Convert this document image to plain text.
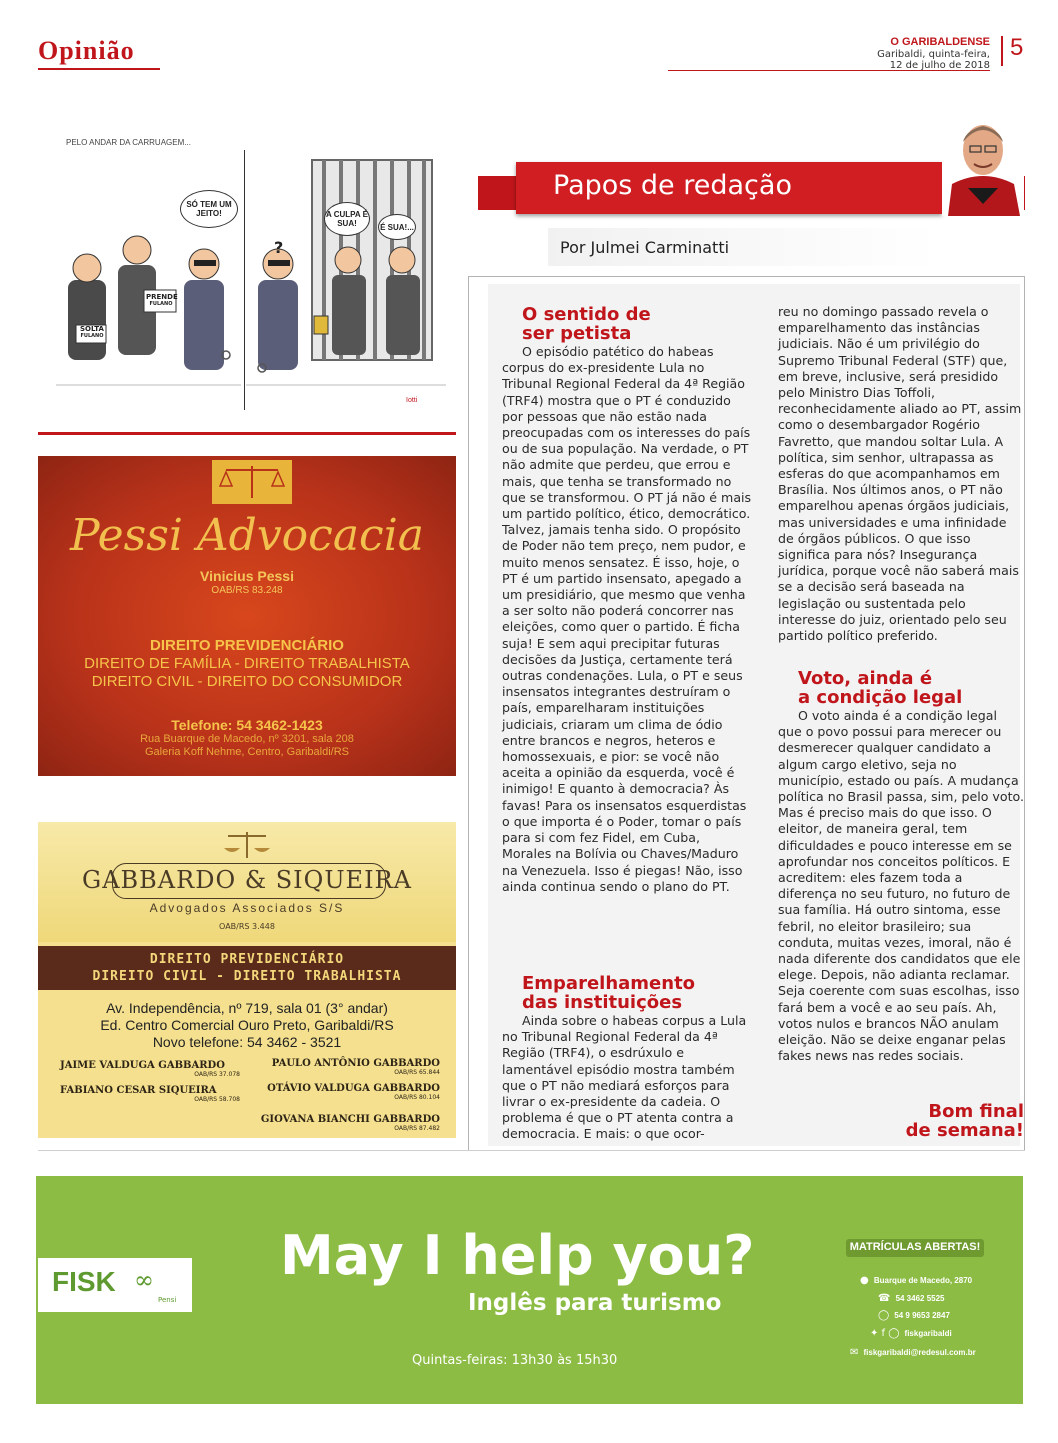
Opinião	O GARIBALDENSE
Garibaldi, quinta-feira,
12 de julho de 2018
5
Iotti
PELO ANDAR DA CARRUAGEM...
SÓ TEM UM JEITO!
?
A CULPA É SUA!	É SUA!...
SOLTA
FULANO
PRENDE
FULANO
Pessi Advocacia
Vinicius Pessi
OAB/RS 83.248
DIREITO PREVIDENCIÁRIO
DIREITO DE FAMÍLIA - DIREITO TRABALHISTA
DIREITO CIVIL - DIREITO DO CONSUMIDOR
Telefone: 54 3462-1423
Rua Buarque de Macedo, nº 3201, sala 208
Galeria Koff Nehme, Centro, Garibaldi/RS
GABBARDO & SIQUEIRA
Advogados Associados S/S
OAB/RS 3.448
DIREITO PREVIDENCIÁRIO
DIREITO CIVIL - DIREITO TRABALHISTA
Av. Independência, nº 719, sala 01 (3° andar)
Ed. Centro Comercial Ouro Preto, Garibaldi/RS
Novo telefone: 54 3462 - 3521
JAIME VALDUGA GABBARDO
OAB/RS 37.078
PAULO ANTÔNIO GABBARDO
OAB/RS 65.844
FABIANO CESAR SIQUEIRA
OAB/RS 58.708
OTÁVIO VALDUGA GABBARDO
OAB/RS 80.104
GIOVANA BIANCHI GABBARDO
OAB/RS 87.482
Papos de redação
Por Julmei Carminatti
O sentido de
ser petista
O episódio patético do habeas corpus do ex-presidente Lula no Tribunal Regional Federal da 4ª Região (TRF4) mostra que o PT é conduzido por pessoas que não estão nada preocupadas com os interesses do país ou de sua população. Na verdade, o PT não admite que perdeu, que errou e mais, que tenha se transformado no que se transformou. O PT já não é mais um partido político, ético, democrático. Talvez, jamais tenha sido. O propósito de Poder não tem preço, nem pudor, e muito menos sensatez. É isso, hoje, o PT é um partido insensato, apegado a um presidiário, que mesmo que venha a ser solto não poderá concorrer nas eleições, como quer o partido. É ficha suja! E sem aqui precipitar futuras decisões da Justiça, certamente terá outras condenações. Lula, o PT e seus insensatos integrantes destruíram o país, emparelharam instituições judiciais, criaram um clima de ódio entre brancos e negros, heteros e homossexuais, e pior: se você não aceita a opinião da esquerda, você é inimigo! E quanto à democracia? Às favas! Para os insensatos esquerdistas o que importa é o Poder, tomar o país para si com fez Fidel, em Cuba, Morales na Bolívia ou Chaves/Maduro na Venezuela. Isso é piegas! Não, isso ainda continua sendo o plano do PT.
Emparelhamento
das instituições
Ainda sobre o habeas corpus a Lula no Tribunal Regional Federal da 4ª Região (TRF4), o esdrúxulo e lamentável episódio mostra também que o PT não mediará esforços para livrar o ex-presidente da cadeia. O problema é que o PT atenta contra a democracia. E mais: o que ocor-
reu no domingo passado revela o emparelhamento das instâncias judiciais. Não é um privilégio do Supremo Tribunal Federal (STF) que, em breve, inclusive, será presidido pelo Ministro Dias Toffoli, reconhecidamente aliado ao PT, assim como o desembargador Rogério Favretto, que mandou soltar Lula. A política, sim senhor, ultrapassa as esferas do que acompanhamos em Brasília. Nos últimos anos, o PT não emparelhou apenas órgãos judiciais, mas universidades e uma infinidade de órgãos públicos. O que isso significa para nós? Insegurança jurídica, porque você não saberá mais se a decisão será baseada na legislação ou sustentada pelo interesse do juiz, orientado pelo seu partido político preferido.
Voto, ainda é
a condição legal
O voto ainda é a condição legal que o povo possui para merecer ou desmerecer qualquer candidato a algum cargo eletivo, seja no município, estado ou país. A mudança política no Brasil passa, sim, pelo voto. Mas é preciso mais do que isso. O eleitor, de maneira geral, tem dificuldades e pouco interesse em se aprofundar nos conceitos políticos. E acreditem: eles fazem toda a diferença no seu futuro, no futuro de sua família. Há outro sintoma, esse febril, no eleitor brasileiro; sua conduta, muitas vezes, imoral, não é nada diferente dos candidatos que ele elege. Depois, não adianta reclamar. Seja coerente com suas escolhas, isso fará bem a você e ao seu país. Ah, votos nulos e brancos NÃO anulam eleição. Não se deixe enganar pelas fakes news nas redes sociais.
Bom final
de semana!
FISK ∞
Pensi
May I help you?
Inglês para turismo
Quintas-feiras: 13h30 às 15h30
MATRÍCULAS ABERTAS!
● Buarque de Macedo, 2870
☎ 54 3462 5525
◯ 54 9 9653 2847
✦ f ◯ fiskgaribaldi
✉ fiskgaribaldi@redesul.com.br
